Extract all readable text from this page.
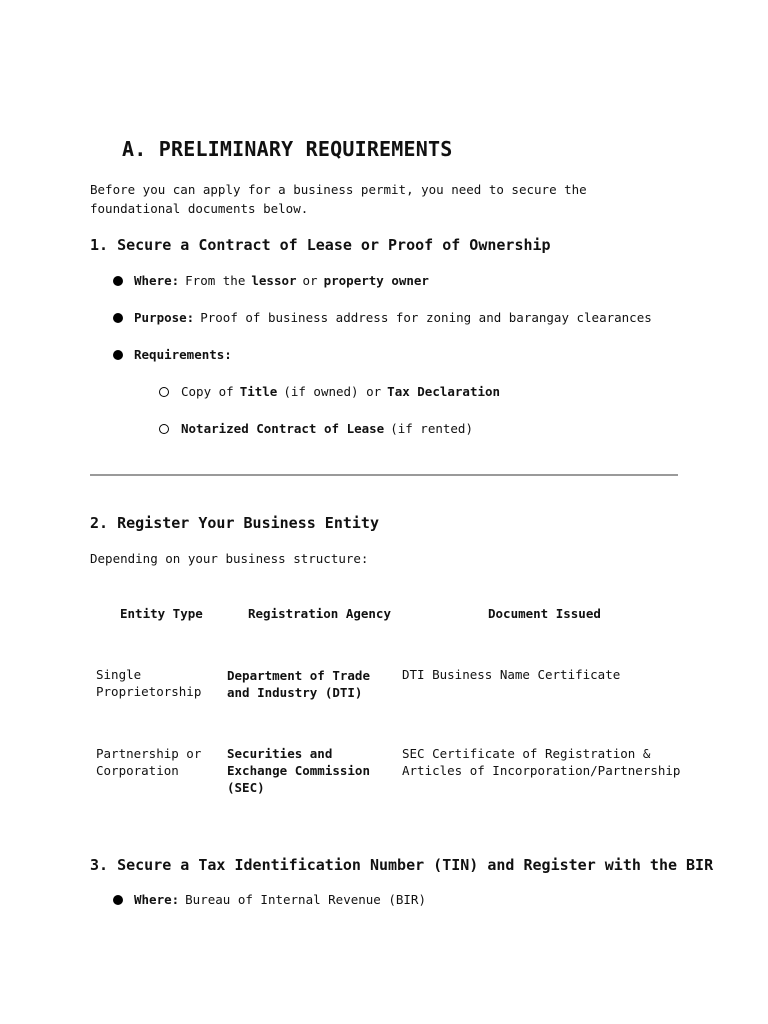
A. PRELIMINARY REQUIREMENTS
Before you can apply for a business permit, you need to secure the foundational documents below.
1. Secure a Contract of Lease or Proof of Ownership
Where: From the lessor or property owner
Purpose: Proof of business address for zoning and barangay clearances
Requirements:
Copy of Title (if owned) or Tax Declaration
Notarized Contract of Lease (if rented)
2. Register Your Business Entity
Depending on your business structure:
Entity Type	Registration Agency	Document Issued
Single Proprietorship
Department of Trade and Industry (DTI)
DTI Business Name Certificate
Partnership or Corporation
Securities and Exchange Commission (SEC)
SEC Certificate of Registration & Articles of Incorporation/Partnership
3. Secure a Tax Identification Number (TIN) and Register with the BIR
Where: Bureau of Internal Revenue (BIR)
